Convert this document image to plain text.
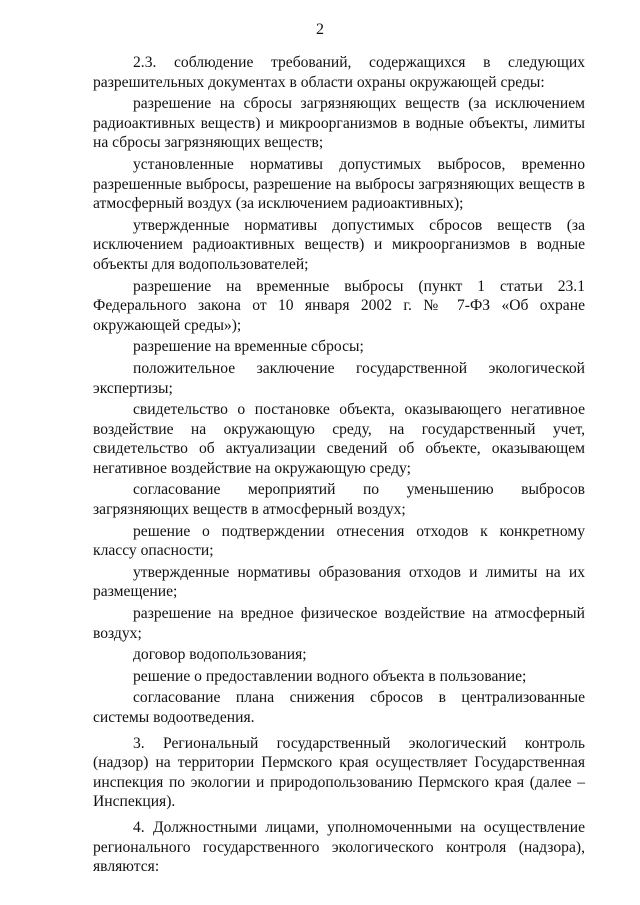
2

2.3. соблюдение требований, содержащихся в следующих разрешительных документах в области охраны окружающей среды:

разрешение на сбросы загрязняющих веществ (за исключением радиоактивных веществ) и микроорганизмов в водные объекты, лимиты на сбросы загрязняющих веществ;

установленные нормативы допустимых выбросов, временно разрешенные выбросы, разрешение на выбросы загрязняющих веществ в атмосферный воздух (за исключением радиоактивных);

утвержденные нормативы допустимых сбросов веществ (за исключением радиоактивных веществ) и микроорганизмов в водные объекты для водопользователей;

разрешение на временные выбросы (пункт 1 статьи 23.1 Федерального закона от 10 января 2002 г. № 7-ФЗ «Об охране окружающей среды»);

разрешение на временные сбросы;

положительное заключение государственной экологической экспертизы;

свидетельство о постановке объекта, оказывающего негативное воздействие на окружающую среду, на государственный учет, свидетельство об актуализации сведений об объекте, оказывающем негативное воздействие на окружающую среду;

согласование мероприятий по уменьшению выбросов загрязняющих веществ в атмосферный воздух;

решение о подтверждении отнесения отходов к конкретному классу опасности;

утвержденные нормативы образования отходов и лимиты на их размещение;

разрешение на вредное физическое воздействие на атмосферный воздух;

договор водопользования;

решение о предоставлении водного объекта в пользование;

согласование плана снижения сбросов в централизованные системы водоотведения.

3. Региональный государственный экологический контроль (надзор) на территории Пермского края осуществляет Государственная инспекция по экологии и природопользованию Пермского края (далее – Инспекция).

4. Должностными лицами, уполномоченными на осуществление регионального государственного экологического контроля (надзора), являются:
